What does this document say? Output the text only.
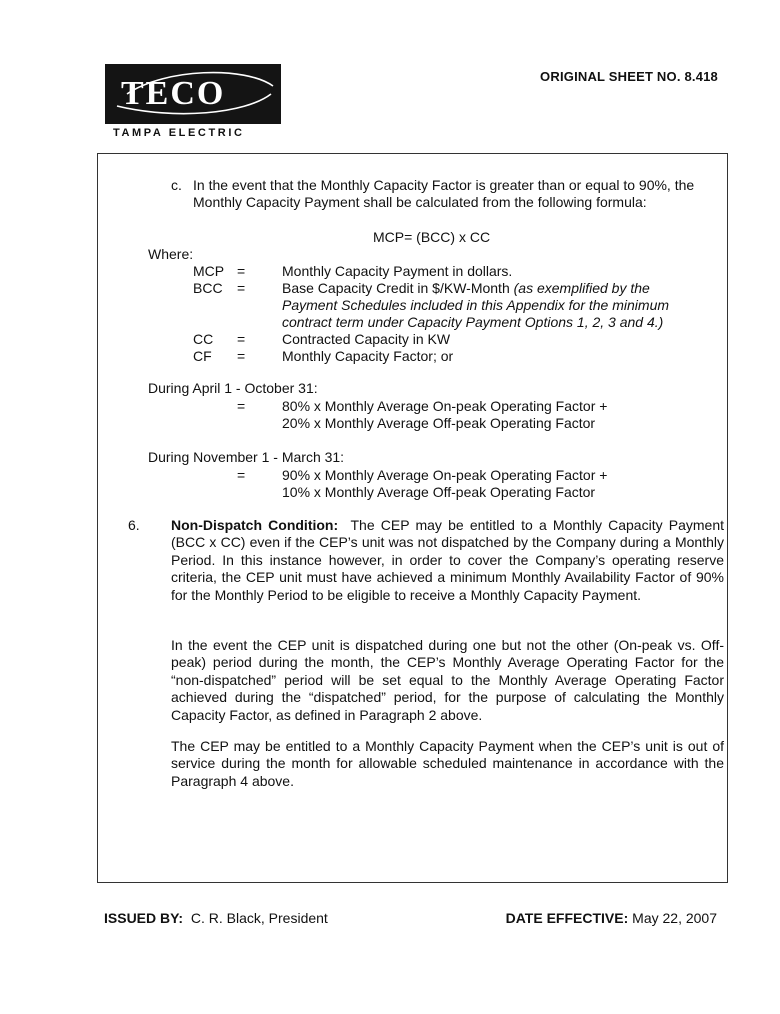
TECO
TAMPA ELECTRIC
ORIGINAL SHEET NO. 8.418
c. In the event that the Monthly Capacity Factor is greater than or equal to 90%, the
Monthly Capacity Payment shall be calculated from the following formula:
MCP= (BCC) x CC
Where:
MCP =	Monthly Capacity Payment in dollars.
BCC =	Base Capacity Credit in $/KW-Month (as exemplified by the
Payment Schedules included in this Appendix for the minimum
contract term under Capacity Payment Options 1, 2, 3 and 4.)
CC =	Contracted Capacity in KW
CF =	Monthly Capacity Factor; or
During April 1 - October 31:
=	80% x Monthly Average On-peak Operating Factor +
20% x Monthly Average Off-peak Operating Factor
During November 1 - March 31:
=	90% x Monthly Average On-peak Operating Factor +
10% x Monthly Average Off-peak Operating Factor
6. Non-Dispatch Condition: The CEP may be entitled to a Monthly Capacity Payment (BCC x CC) even if the CEP’s unit was not dispatched by the Company during a Monthly Period. In this instance however, in order to cover the Company’s operating reserve criteria, the CEP unit must have achieved a minimum Monthly Availability Factor of 90% for the Monthly Period to be eligible to receive a Monthly Capacity Payment.
In the event the CEP unit is dispatched during one but not the other (On-peak vs. Off- peak) period during the month, the CEP’s Monthly Average Operating Factor for the “non-dispatched” period will be set equal to the Monthly Average Operating Factor achieved during the “dispatched” period, for the purpose of calculating the Monthly Capacity Factor, as defined in Paragraph 2 above.
The CEP may be entitled to a Monthly Capacity Payment when the CEP’s unit is out of service during the month for allowable scheduled maintenance in accordance with the Paragraph 4 above.
ISSUED BY: C. R. Black, President	DATE EFFECTIVE: May 22, 2007
